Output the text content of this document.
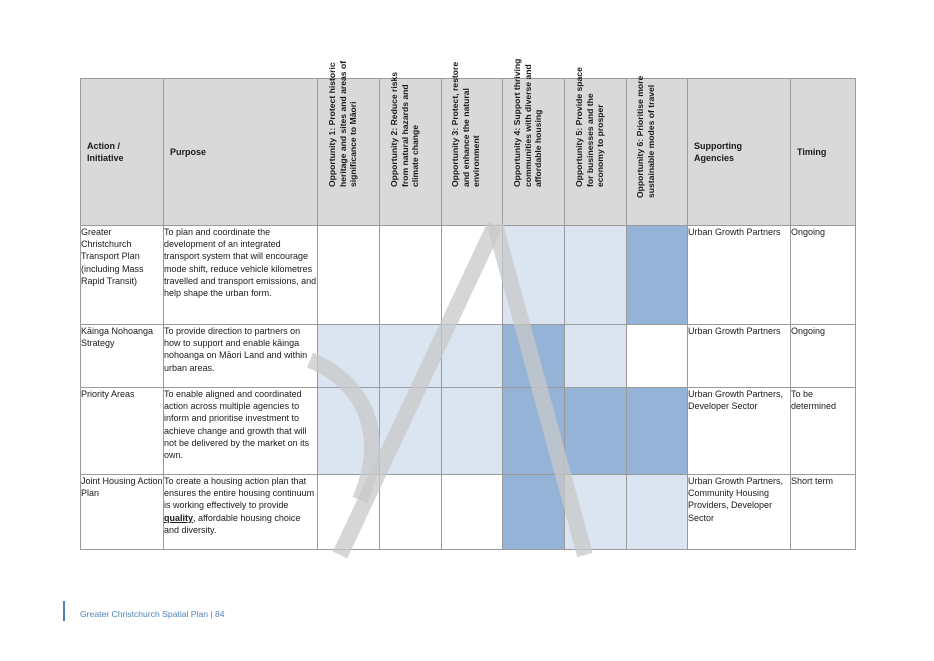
Action / Initiative	Purpose	Opportunity 1: Protect historic heritage and sites and areas of significance to Māori	Opportunity 2: Reduce risks from natural hazards and climate change	Opportunity 3: Protect, restore and enhance the natural environment	Opportunity 4: Support thriving communities with diverse and affordable housing	Opportunity 5: Provide space for businesses and the economy to prosper	Opportunity 6: Prioritise more sustainable modes of travel	Supporting Agencies	Timing

Greater Christchurch Transport Plan (including Mass Rapid Transit)	To plan and coordinate the development of an integrated transport system that will encourage mode shift, reduce vehicle kilometres travelled and transport emissions, and help shape the urban form.							Urban Growth Partners	Ongoing
Kāinga Nohoanga Strategy	To provide direction to partners on how to support and enable kāinga nohoanga on Māori Land and within urban areas.							Urban Growth Partners	Ongoing
Priority Areas	To enable aligned and coordinated action across multiple agencies to inform and prioritise investment to achieve change and growth that will not be delivered by the market on its own.							Urban Growth Partners, Developer Sector	To be determined
Joint Housing Action Plan	To create a housing action plan that ensures the entire housing continuum is working effectively to provide quality, affordable housing choice and diversity.							Urban Growth Partners, Community Housing Providers, Developer Sector	Short term
Greater Christchurch Spatial Plan | 84
